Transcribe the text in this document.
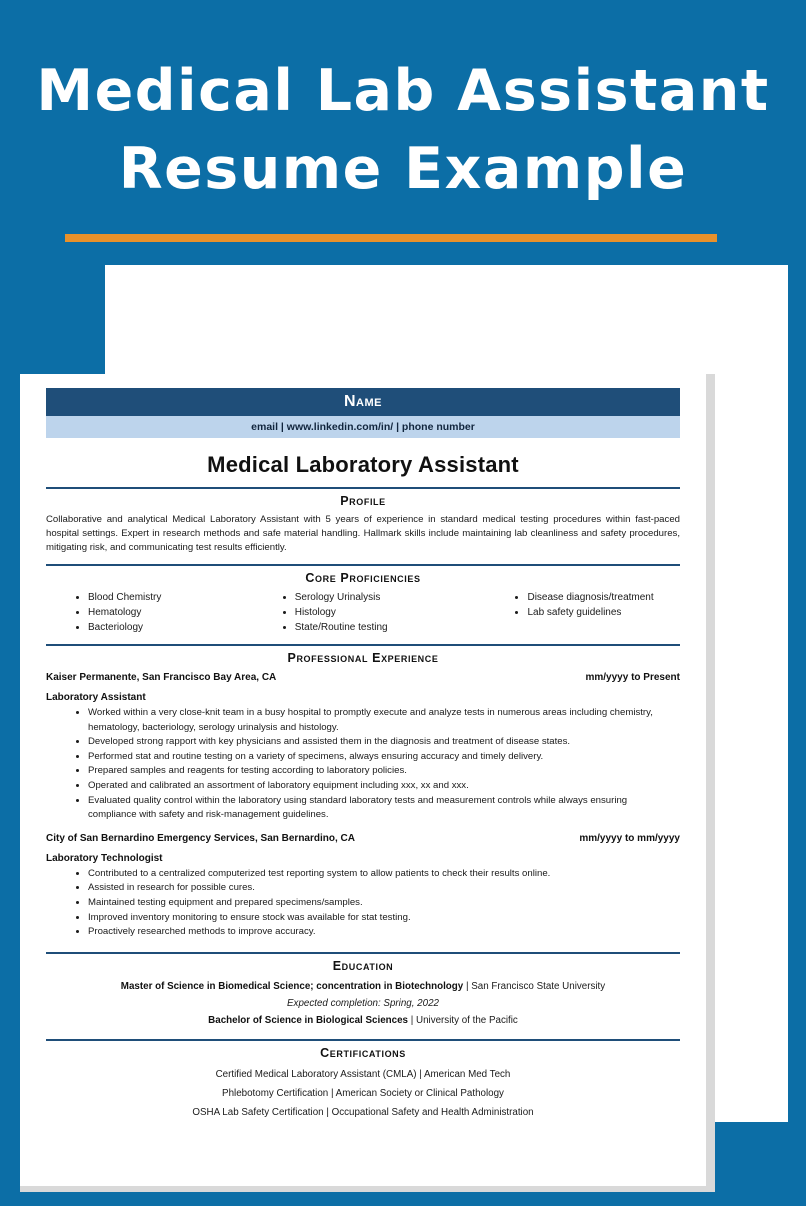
Medical Lab Assistant
Resume Example
Name
email | www.linkedin.com/in/ | phone number
Medical Laboratory Assistant
Profile
Collaborative and analytical Medical Laboratory Assistant with 5 years of experience in standard medical testing procedures within fast-paced hospital settings. Expert in research methods and safe material handling. Hallmark skills include maintaining lab cleanliness and safety procedures, mitigating risk, and communicating test results efficiently.
Core Proficiencies
• Blood Chemistry
• Hematology
• Bacteriology
• Serology Urinalysis
• Histology
• State/Routine testing
• Disease diagnosis/treatment
• Lab safety guidelines
Professional Experience
Kaiser Permanente, San Francisco Bay Area, CA	mm/yyyy to Present
Laboratory Assistant
• Worked within a very close-knit team in a busy hospital to promptly execute and analyze tests in numerous areas including chemistry, hematology, bacteriology, serology urinalysis and histology.
• Developed strong rapport with key physicians and assisted them in the diagnosis and treatment of disease states.
• Performed stat and routine testing on a variety of specimens, always ensuring accuracy and timely delivery.
• Prepared samples and reagents for testing according to laboratory policies.
• Operated and calibrated an assortment of laboratory equipment including xxx, xx and xxx.
• Evaluated quality control within the laboratory using standard laboratory tests and measurement controls while always ensuring compliance with safety and risk-management guidelines.
City of San Bernardino Emergency Services, San Bernardino, CA	mm/yyyy to mm/yyyy
Laboratory Technologist
• Contributed to a centralized computerized test reporting system to allow patients to check their results online.
• Assisted in research for possible cures.
• Maintained testing equipment and prepared specimens/samples.
• Improved inventory monitoring to ensure stock was available for stat testing.
• Proactively researched methods to improve accuracy.
Education
Master of Science in Biomedical Science; concentration in Biotechnology | San Francisco State University
Expected completion: Spring, 2022
Bachelor of Science in Biological Sciences | University of the Pacific
Certifications
Certified Medical Laboratory Assistant (CMLA) | American Med Tech
Phlebotomy Certification | American Society or Clinical Pathology
OSHA Lab Safety Certification | Occupational Safety and Health Administration
